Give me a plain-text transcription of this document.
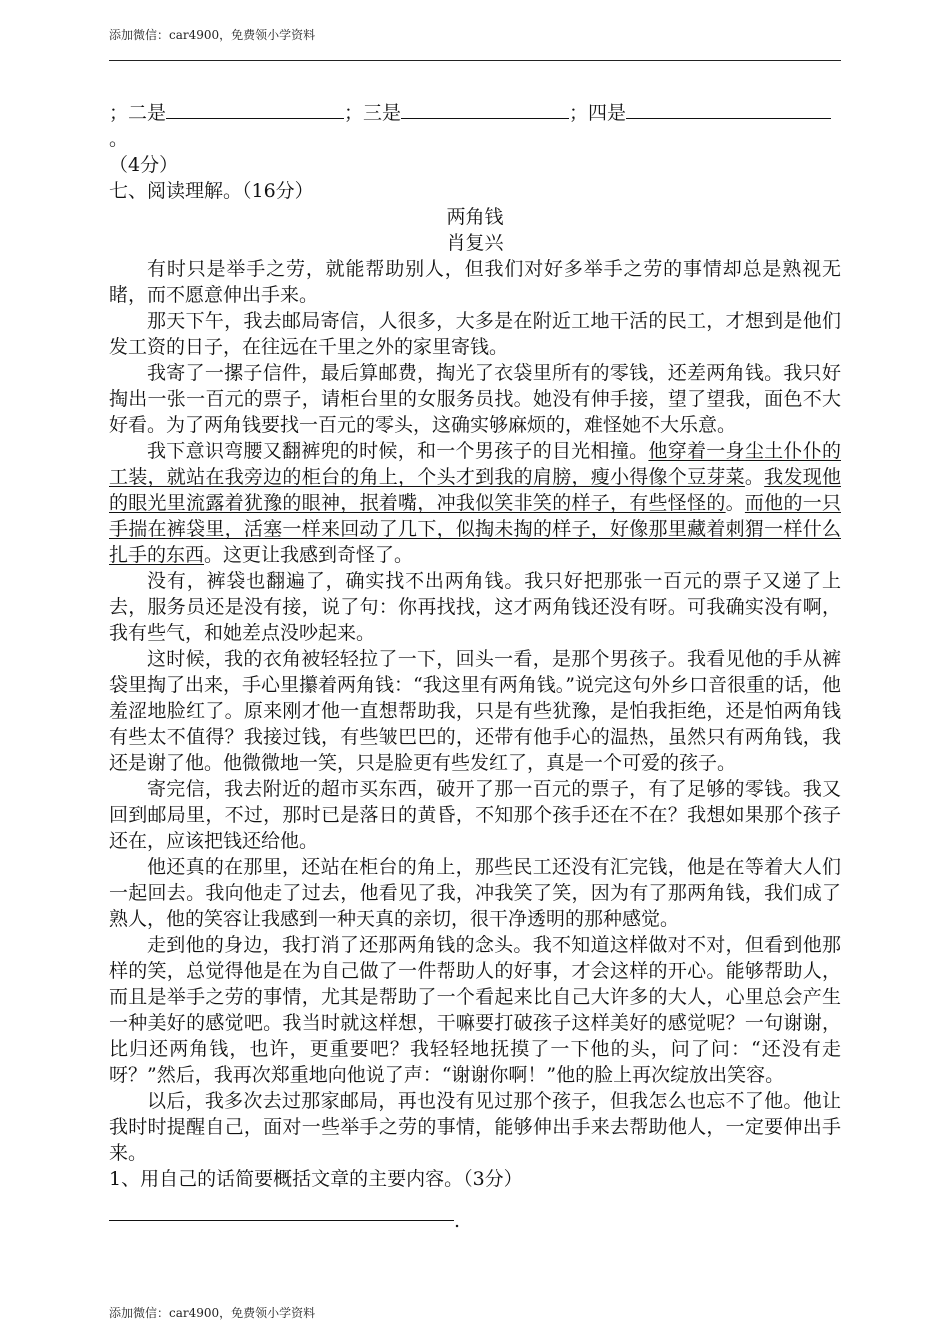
添加微信：car4900，免费领小学资料

；二是	；三是	；四是。

（4分）

七、阅读理解。（16分）

两角钱

肖复兴

有时只是举手之劳，就能帮助别人，但我们对好多举手之劳的事情却总是熟视无睹，而不愿意伸出手来。

那天下午，我去邮局寄信，人很多，大多是在附近工地干活的民工，才想到是他们发工资的日子，在往远在千里之外的家里寄钱。

我寄了一摞子信件，最后算邮费，掏光了衣袋里所有的零钱，还差两角钱。我只好掏出一张一百元的票子，请柜台里的女服务员找。她没有伸手接，望了望我，面色不大好看。为了两角钱要找一百元的零头，这确实够麻烦的，难怪她不大乐意。

我下意识弯腰又翻裤兜的时候，和一个男孩子的目光相撞。他穿着一身尘土仆仆的工装，就站在我旁边的柜台的角上，个头才到我的肩膀，瘦小得像个豆芽菜。我发现他的眼光里流露着犹豫的眼神，抿着嘴，冲我似笑非笑的样子，有些怪怪的。而他的一只手揣在裤袋里，活塞一样来回动了几下，似掏未掏的样子，好像那里藏着刺猬一样什么扎手的东西。这更让我感到奇怪了。

没有，裤袋也翻遍了，确实找不出两角钱。我只好把那张一百元的票子又递了上去，服务员还是没有接，说了句：你再找找，这才两角钱还没有呀。可我确实没有啊，我有些气，和她差点没吵起来。

这时候，我的衣角被轻轻拉了一下，回头一看，是那个男孩子。我看见他的手从裤袋里掏了出来，手心里攥着两角钱：“我这里有两角钱。”说完这句外乡口音很重的话，他羞涩地脸红了。原来刚才他一直想帮助我，只是有些犹豫，是怕我拒绝，还是怕两角钱有些太不值得？我接过钱，有些皱巴巴的，还带有他手心的温热，虽然只有两角钱，我还是谢了他。他微微地一笑，只是脸更有些发红了，真是一个可爱的孩子。

寄完信，我去附近的超市买东西，破开了那一百元的票子，有了足够的零钱。我又回到邮局里，不过，那时已是落日的黄昏，不知那个孩手还在不在？我想如果那个孩子还在，应该把钱还给他。

他还真的在那里，还站在柜台的角上，那些民工还没有汇完钱，他是在等着大人们一起回去。我向他走了过去，他看见了我，冲我笑了笑，因为有了那两角钱，我们成了熟人，他的笑容让我感到一种天真的亲切，很干净透明的那种感觉。

走到他的身边，我打消了还那两角钱的念头。我不知道这样做对不对，但看到他那样的笑，总觉得他是在为自己做了一件帮助人的好事，才会这样的开心。能够帮助人，而且是举手之劳的事情，尤其是帮助了一个看起来比自己大许多的大人，心里总会产生一种美好的感觉吧。我当时就这样想，干嘛要打破孩子这样美好的感觉呢？一句谢谢，比归还两角钱，也许，更重要吧？我轻轻地抚摸了一下他的头，问了问：“还没有走呀？”然后，我再次郑重地向他说了声：“谢谢你啊！”他的脸上再次绽放出笑容。

以后，我多次去过那家邮局，再也没有见过那个孩子，但我怎么也忘不了他。他让我时时提醒自己，面对一些举手之劳的事情，能够伸出手来去帮助他人，一定要伸出手来。

1、用自己的话简要概括文章的主要内容。（3分）

.

添加微信：car4900，免费领小学资料
